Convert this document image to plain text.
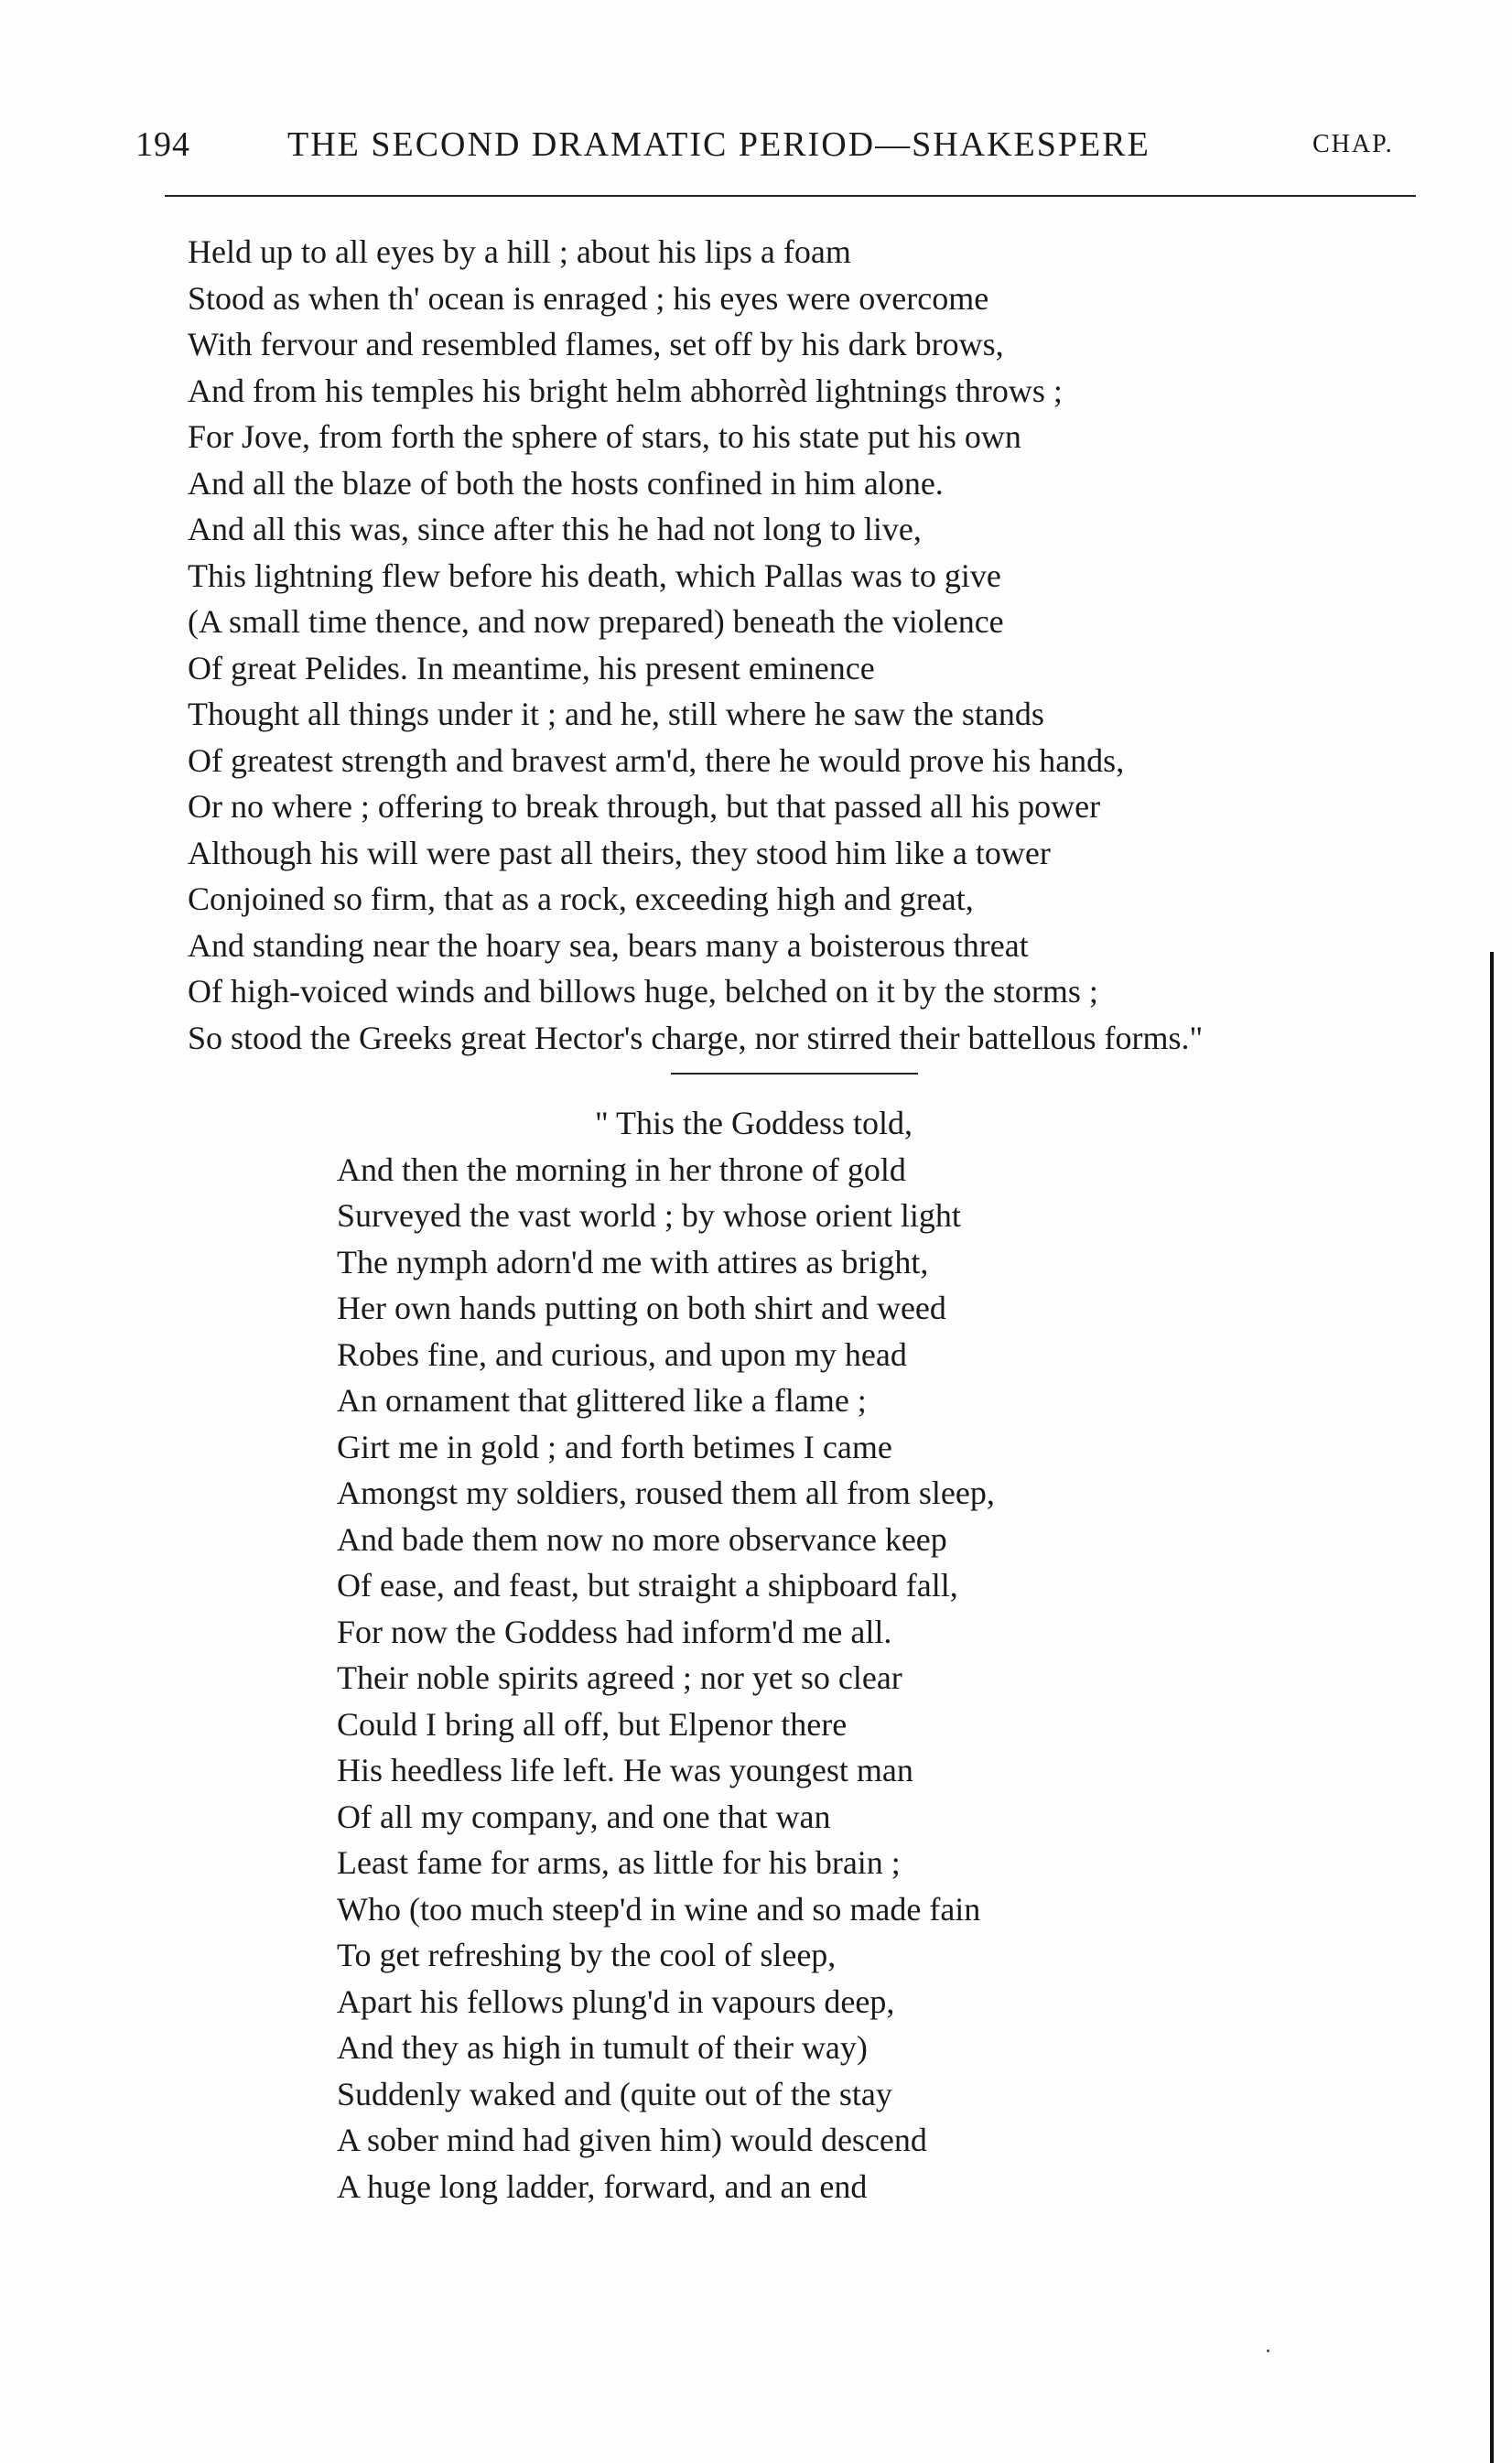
194	THE SECOND DRAMATIC PERIOD—SHAKESPERE	CHAP.
Held up to all eyes by a hill ; about his lips a foam
Stood as when th' ocean is enraged ; his eyes were overcome
With fervour and resembled flames, set off by his dark brows,
And from his temples his bright helm abhorrèd lightnings throws ;
For Jove, from forth the sphere of stars, to his state put his own
And all the blaze of both the hosts confined in him alone.
And all this was, since after this he had not long to live,
This lightning flew before his death, which Pallas was to give
(A small time thence, and now prepared) beneath the violence
Of great Pelides. In meantime, his present eminence
Thought all things under it ; and he, still where he saw the stands
Of greatest strength and bravest arm'd, there he would prove his hands,
Or no where ; offering to break through, but that passed all his power
Although his will were past all theirs, they stood him like a tower
Conjoined so firm, that as a rock, exceeding high and great,
And standing near the hoary sea, bears many a boisterous threat
Of high-voiced winds and billows huge, belched on it by the storms ;
So stood the Greeks great Hector's charge, nor stirred their battellous forms."
" This the Goddess told,
And then the morning in her throne of gold
Surveyed the vast world ; by whose orient light
The nymph adorn'd me with attires as bright,
Her own hands putting on both shirt and weed
Robes fine, and curious, and upon my head
An ornament that glittered like a flame ;
Girt me in gold ; and forth betimes I came
Amongst my soldiers, roused them all from sleep,
And bade them now no more observance keep
Of ease, and feast, but straight a shipboard fall,
For now the Goddess had inform'd me all.
Their noble spirits agreed ; nor yet so clear
Could I bring all off, but Elpenor there
His heedless life left. He was youngest man
Of all my company, and one that wan
Least fame for arms, as little for his brain ;
Who (too much steep'd in wine and so made fain
To get refreshing by the cool of sleep,
Apart his fellows plung'd in vapours deep,
And they as high in tumult of their way)
Suddenly waked and (quite out of the stay
A sober mind had given him) would descend
A huge long ladder, forward, and an end
